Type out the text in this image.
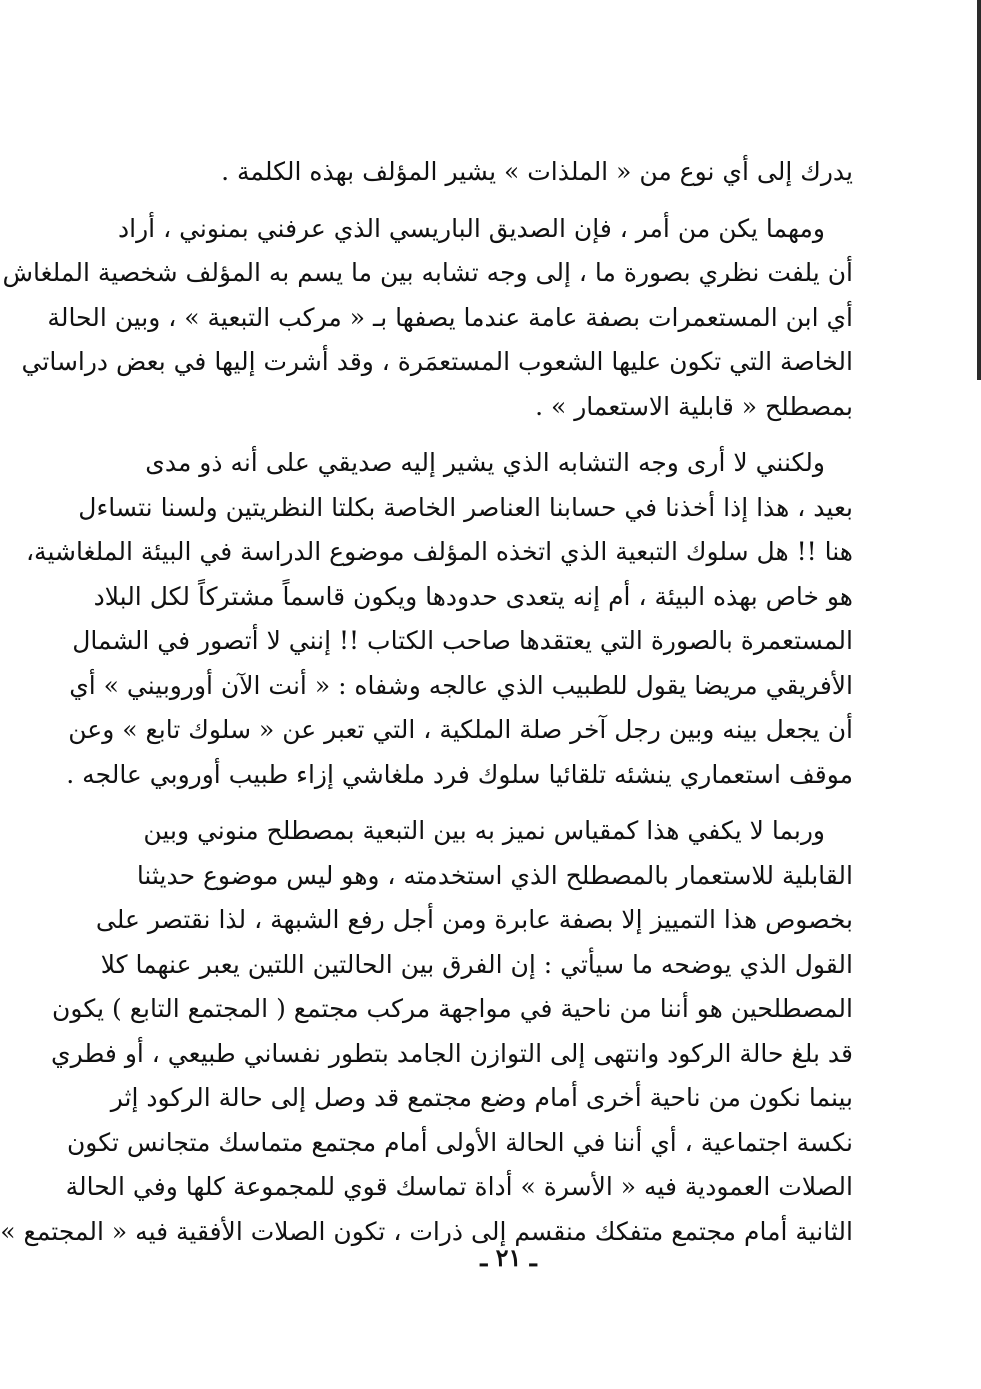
يدرك إلى أي نوع من « الملذات » يشير المؤلف بهذه الكلمة .
ومهما يكن من أمر ، فإن الصديق الباريسي الذي عرفني بمنوني ، أراد
أن يلفت نظري بصورة ما ، إلى وجه تشابه بين ما يسم به المؤلف شخصية الملغاش
أي ابن المستعمرات بصفة عامة عندما يصفها بـ « مركب التبعية » ، وبين الحالة
الخاصة التي تكون عليها الشعوب المستعمَرة ، وقد أشرت إليها في بعض دراساتي
بمصطلح « قابلية الاستعمار » .
ولكنني لا أرى وجه التشابه الذي يشير إليه صديقي على أنه ذو مدى
بعيد ، هذا إذا أخذنا في حسابنا العناصر الخاصة بكلتا النظريتين ولسنا نتساءل
هنا !! هل سلوك التبعية الذي اتخذه المؤلف موضوع الدراسة في البيئة الملغاشية،
هو خاص بهذه البيئة ، أم إنه يتعدى حدودها ويكون قاسماً مشتركاً لكل البلاد
المستعمرة بالصورة التي يعتقدها صاحب الكتاب !! إنني لا أتصور في الشمال
الأفريقي مريضا يقول للطبيب الذي عالجه وشفاه : « أنت الآن أوروبيني » أي
أن يجعل بينه وبين رجل آخر صلة الملكية ، التي تعبر عن « سلوك تابع » وعن
موقف استعماري ينشئه تلقائيا سلوك فرد ملغاشي إزاء طبيب أوروبي عالجه .
وربما لا يكفي هذا كمقياس نميز به بين التبعية بمصطلح منوني وبين
القابلية للاستعمار بالمصطلح الذي استخدمته ، وهو ليس موضوع حديثنا
بخصوص هذا التمييز إلا بصفة عابرة ومن أجل رفع الشبهة ، لذا نقتصر على
القول الذي يوضحه ما سيأتي : إن الفرق بين الحالتين اللتين يعبر عنهما كلا
المصطلحين هو أننا من ناحية في مواجهة مركب مجتمع ( المجتمع التابع ) يكون
قد بلغ حالة الركود وانتهى إلى التوازن الجامد بتطور نفساني طبيعي ، أو فطري
بينما نكون من ناحية أخرى أمام وضع مجتمع قد وصل إلى حالة الركود إثر
نكسة اجتماعية ، أي أننا في الحالة الأولى أمام مجتمع متماسك متجانس تكون
الصلات العمودية فيه « الأسرة » أداة تماسك قوي للمجموعة كلها وفي الحالة
الثانية أمام مجتمع متفكك منقسم إلى ذرات ، تكون الصلات الأفقية فيه « المجتمع »
ـ ٢١ ـ
